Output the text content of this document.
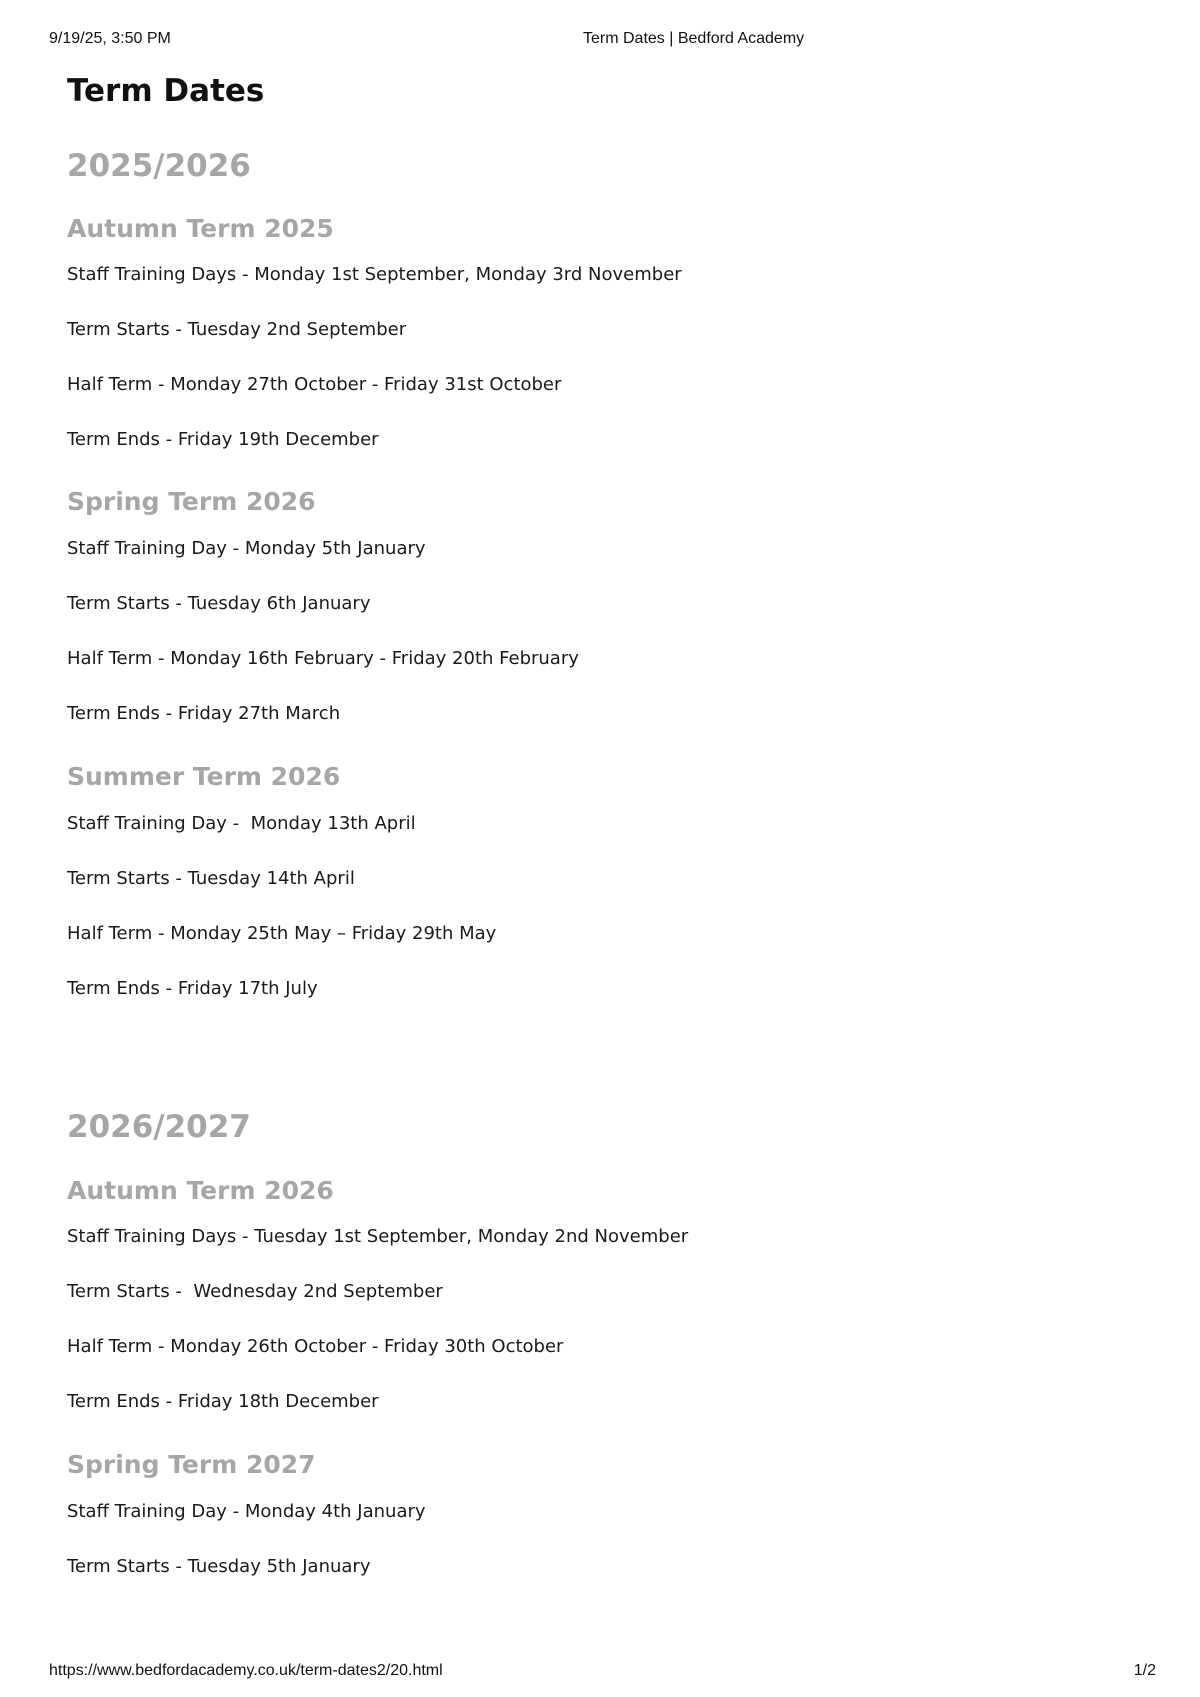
9/19/25, 3:50 PM	Term Dates | Bedford Academy
Term Dates
2025/2026
Autumn Term 2025

Staff Training Days - Monday 1st September, Monday 3rd November

Term Starts - Tuesday 2nd September

Half Term - Monday 27th October - Friday 31st October

Term Ends - Friday 19th December

Spring Term 2026

Staff Training Day - Monday 5th January

Term Starts - Tuesday 6th January

Half Term - Monday 16th February - Friday 20th February

Term Ends - Friday 27th March

Summer Term 2026

Staff Training Day -  Monday 13th April

Term Starts - Tuesday 14th April

Half Term - Monday 25th May – Friday 29th May

Term Ends - Friday 17th July

2026/2027
Autumn Term 2026

Staff Training Days - Tuesday 1st September, Monday 2nd November

Term Starts -  Wednesday 2nd September

Half Term - Monday 26th October - Friday 30th October

Term Ends - Friday 18th December

Spring Term 2027

Staff Training Day - Monday 4th January

Term Starts - Tuesday 5th January

https://www.bedfordacademy.co.uk/term-dates2/20.html	1/2
